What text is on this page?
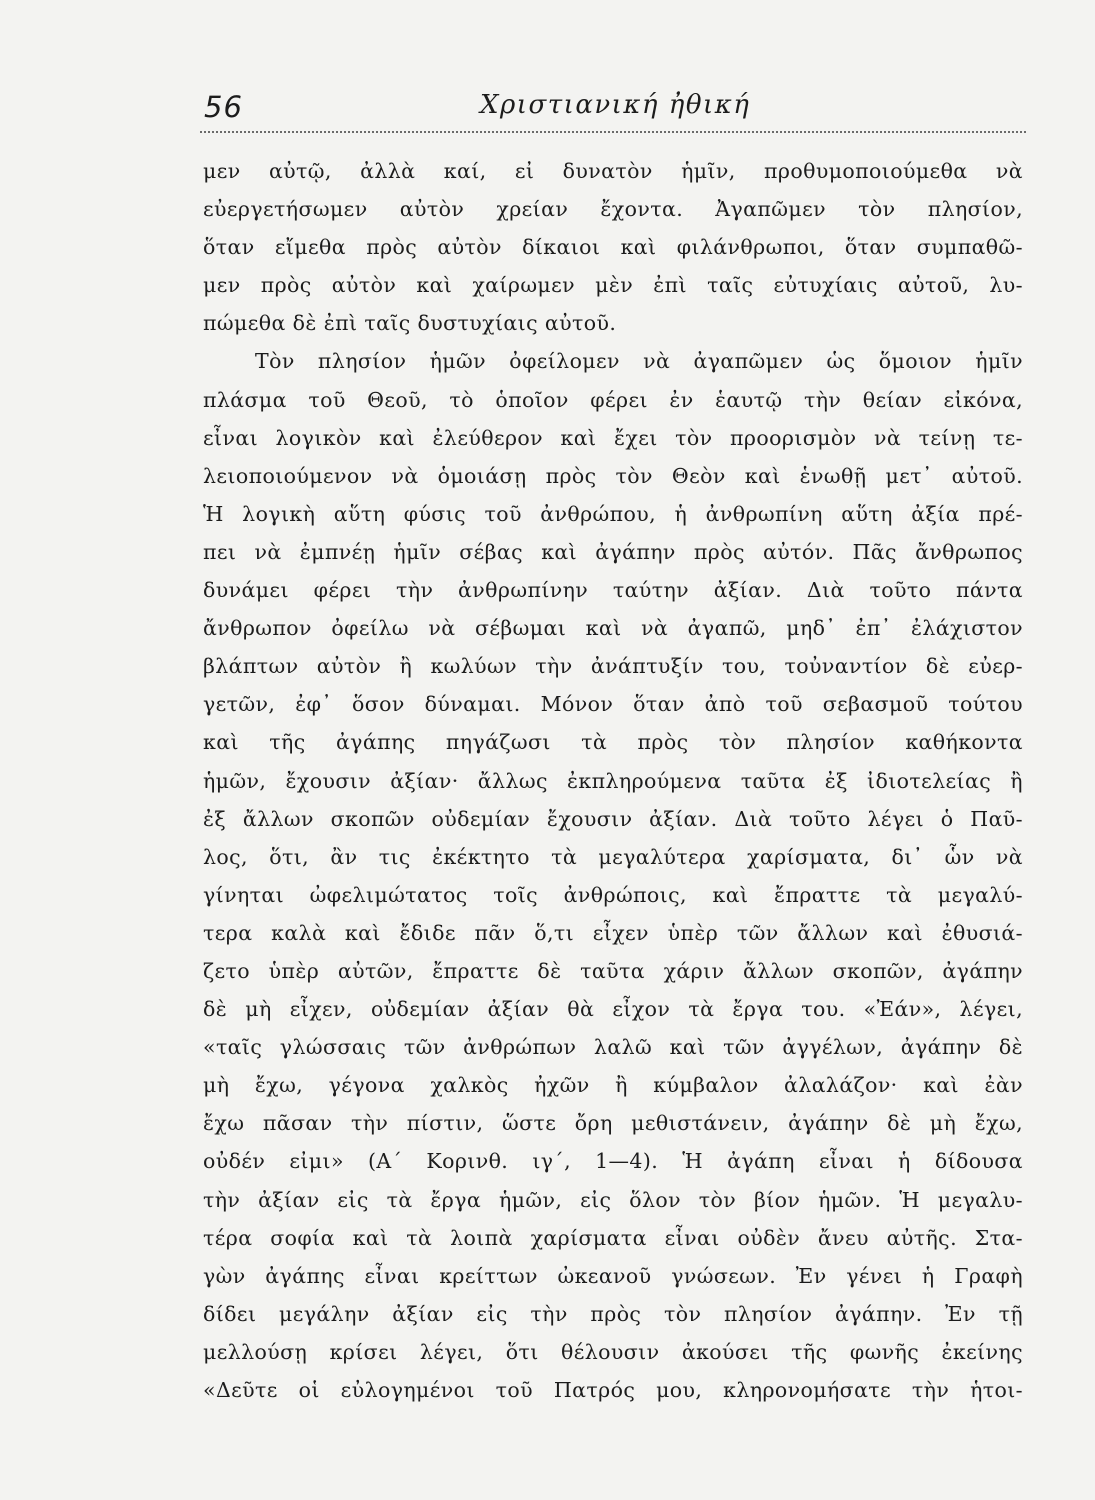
56	Χριστιανική ἠθική
μεν αὐτῷ, ἀλλὰ καί, εἰ δυνατὸν ἡμῖν, προθυμοποιούμεθα νὰ
εὐεργετήσωμεν αὐτὸν χρείαν ἔχοντα. Ἀγαπῶμεν τὸν πλησίον,
ὅταν εἴμεθα πρὸς αὐτὸν δίκαιοι καὶ φιλάνθρωποι, ὅταν συμπαθῶ-
μεν πρὸς αὐτὸν καὶ χαίρωμεν μὲν ἐπὶ ταῖς εὐτυχίαις αὐτοῦ, λυ-
πώμεθα δὲ ἐπὶ ταῖς δυστυχίαις αὐτοῦ.
Τὸν πλησίον ἡμῶν ὀφείλομεν νὰ ἀγαπῶμεν ὡς ὅμοιον ἡμῖν
πλάσμα τοῦ Θεοῦ, τὸ ὁποῖον φέρει ἐν ἑαυτῷ τὴν θείαν εἰκόνα,
εἶναι λογικὸν καὶ ἐλεύθερον καὶ ἔχει τὸν προορισμὸν νὰ τείνῃ τε-
λειοποιούμενον νὰ ὁμοιάσῃ πρὸς τὸν Θεὸν καὶ ἑνωθῇ μετ᾽ αὐτοῦ.
Ἡ λογικὴ αὕτη φύσις τοῦ ἀνθρώπου, ἡ ἀνθρωπίνη αὕτη ἀξία πρέ-
πει νὰ ἐμπνέῃ ἡμῖν σέβας καὶ ἀγάπην πρὸς αὐτόν. Πᾶς ἄνθρωπος
δυνάμει φέρει τὴν ἀνθρωπίνην ταύτην ἀξίαν. Διὰ τοῦτο πάντα
ἄνθρωπον ὀφείλω νὰ σέβωμαι καὶ νὰ ἀγαπῶ, μηδ᾽ ἐπ᾽ ἐλάχιστον
βλάπτων αὐτὸν ἢ κωλύων τὴν ἀνάπτυξίν του, τοὐναντίον δὲ εὐερ-
γετῶν, ἐφ᾽ ὅσον δύναμαι. Μόνον ὅταν ἀπὸ τοῦ σεβασμοῦ τούτου
καὶ τῆς ἀγάπης πηγάζωσι τὰ πρὸς τὸν πλησίον καθήκοντα
ἡμῶν, ἔχουσιν ἀξίαν· ἄλλως ἐκπληρούμενα ταῦτα ἐξ ἰδιοτελείας ἢ
ἐξ ἄλλων σκοπῶν οὐδεμίαν ἔχουσιν ἀξίαν. Διὰ τοῦτο λέγει ὁ Παῦ-
λος, ὅτι, ἂν τις ἐκέκτητο τὰ μεγαλύτερα χαρίσματα, δι᾽ ὧν νὰ
γίνηται ὠφελιμώτατος τοῖς ἀνθρώποις, καὶ ἔπραττε τὰ μεγαλύ-
τερα καλὰ καὶ ἔδιδε πᾶν ὅ,τι εἶχεν ὑπὲρ τῶν ἄλλων καὶ ἐθυσιά-
ζετο ὑπὲρ αὐτῶν, ἔπραττε δὲ ταῦτα χάριν ἄλλων σκοπῶν, ἀγάπην
δὲ μὴ εἶχεν, οὐδεμίαν ἀξίαν θὰ εἶχον τὰ ἔργα του. «Ἐάν», λέγει,
«ταῖς γλώσσαις τῶν ἀνθρώπων λαλῶ καὶ τῶν ἀγγέλων, ἀγάπην δὲ
μὴ ἔχω, γέγονα χαλκὸς ἠχῶν ἢ κύμβαλον ἀλαλάζον· καὶ ἐὰν
ἔχω πᾶσαν τὴν πίστιν, ὥστε ὄρη μεθιστάνειν, ἀγάπην δὲ μὴ ἔχω,
οὐδέν εἰμι» (Α΄ Κορινθ. ιγ΄, 1—4). Ἡ ἀγάπη εἶναι ἡ δίδουσα
τὴν ἀξίαν εἰς τὰ ἔργα ἡμῶν, εἰς ὅλον τὸν βίον ἡμῶν. Ἡ μεγαλυ-
τέρα σοφία καὶ τὰ λοιπὰ χαρίσματα εἶναι οὐδὲν ἄνευ αὐτῆς. Στα-
γὼν ἀγάπης εἶναι κρείττων ὠκεανοῦ γνώσεων. Ἐν γένει ἡ Γραφὴ
δίδει μεγάλην ἀξίαν εἰς τὴν πρὸς τὸν πλησίον ἀγάπην. Ἐν τῇ
μελλούσῃ κρίσει λέγει, ὅτι θέλουσιν ἀκούσει τῆς φωνῆς ἐκείνης
«Δεῦτε οἱ εὐλογημένοι τοῦ Πατρός μου, κληρονομήσατε τὴν ἡτοι-
